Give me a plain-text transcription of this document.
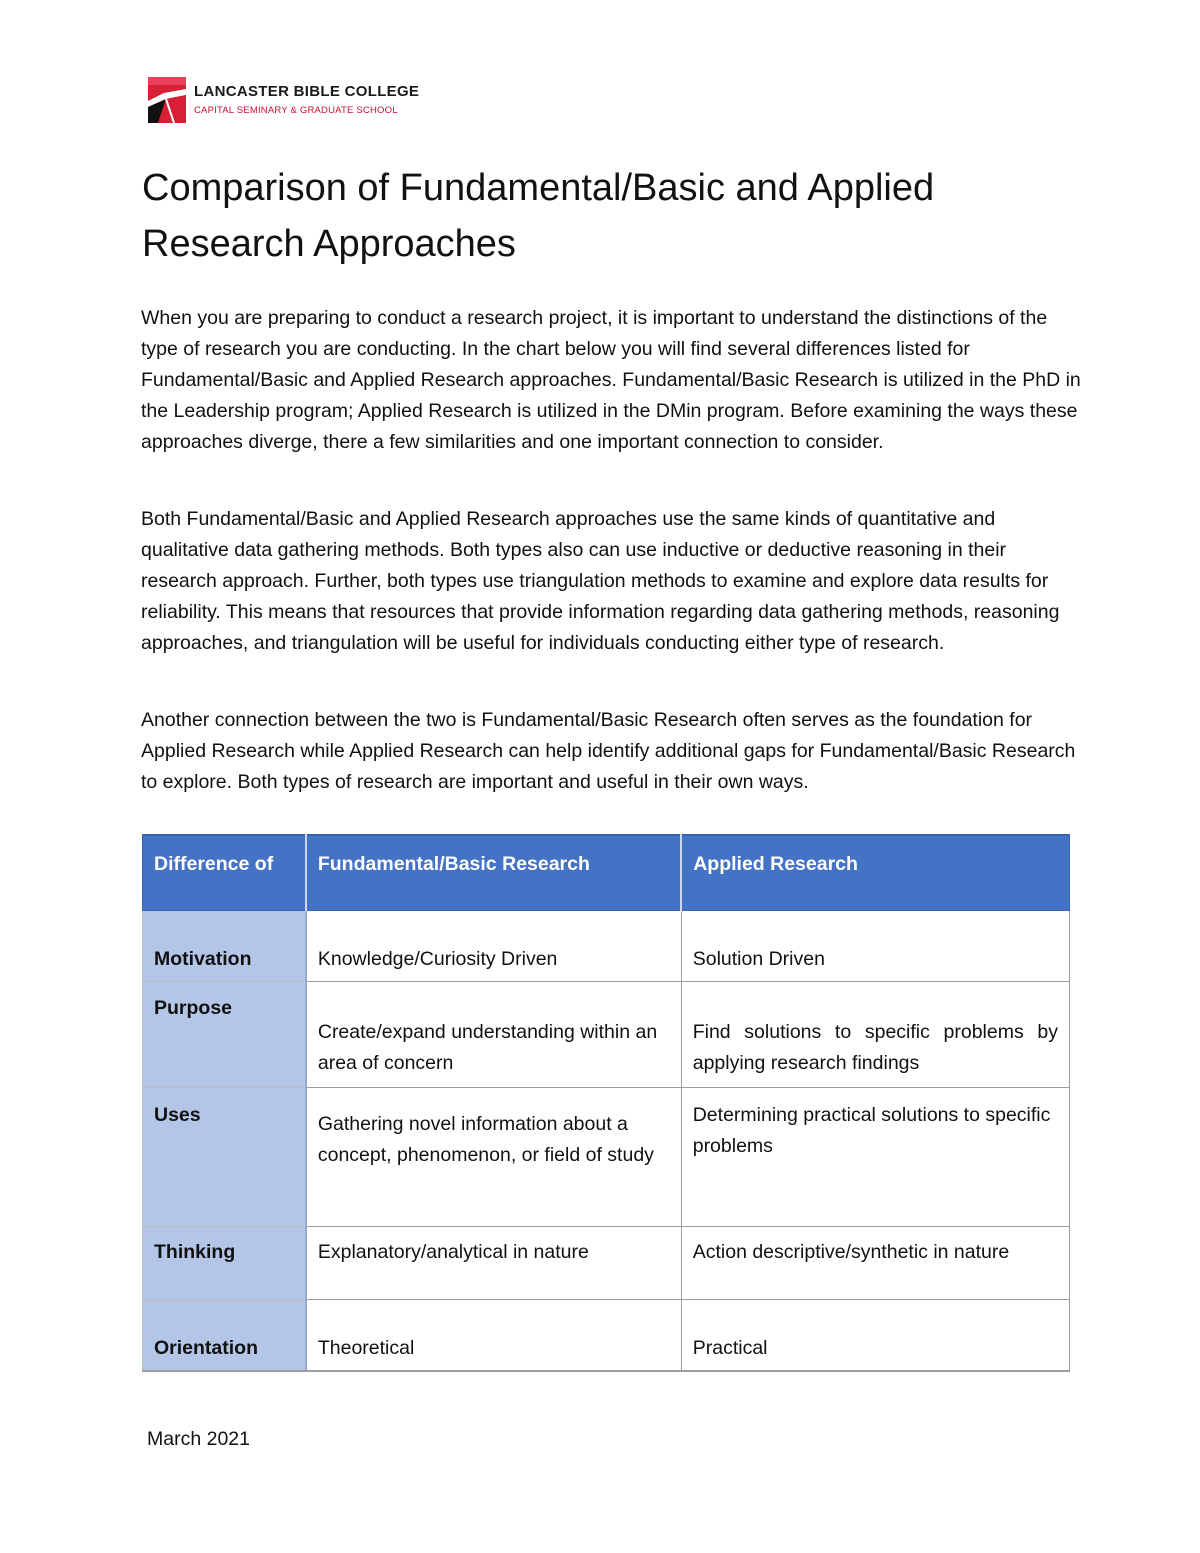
LANCASTER BIBLE COLLEGE
CAPITAL SEMINARY & GRADUATE SCHOOL
Comparison of Fundamental/Basic and Applied Research Approaches

When you are preparing to conduct a research project, it is important to understand the distinctions of the type of research you are conducting. In the chart below you will find several differences listed for Fundamental/Basic and Applied Research approaches. Fundamental/Basic Research is utilized in the PhD in the Leadership program; Applied Research is utilized in the DMin program. Before examining the ways these approaches diverge, there a few similarities and one important connection to consider.

Both Fundamental/Basic and Applied Research approaches use the same kinds of quantitative and qualitative data gathering methods. Both types also can use inductive or deductive reasoning in their research approach. Further, both types use triangulation methods to examine and explore data results for reliability. This means that resources that provide information regarding data gathering methods, reasoning approaches, and triangulation will be useful for individuals conducting either type of research.

Another connection between the two is Fundamental/Basic Research often serves as the foundation for Applied Research while Applied Research can help identify additional gaps for Fundamental/Basic Research to explore. Both types of research are important and useful in their own ways.

Difference of	Fundamental/Basic Research	Applied Research
Motivation	Knowledge/Curiosity Driven	Solution Driven
Purpose	Create/expand understanding within an area of concern	Find solutions to specific problems by applying research findings
Uses	Gathering novel information about a concept, phenomenon, or field of study	Determining practical solutions to specific problems
Thinking	Explanatory/analytical in nature	Action descriptive/synthetic in nature
Orientation	Theoretical	Practical
March 2021
